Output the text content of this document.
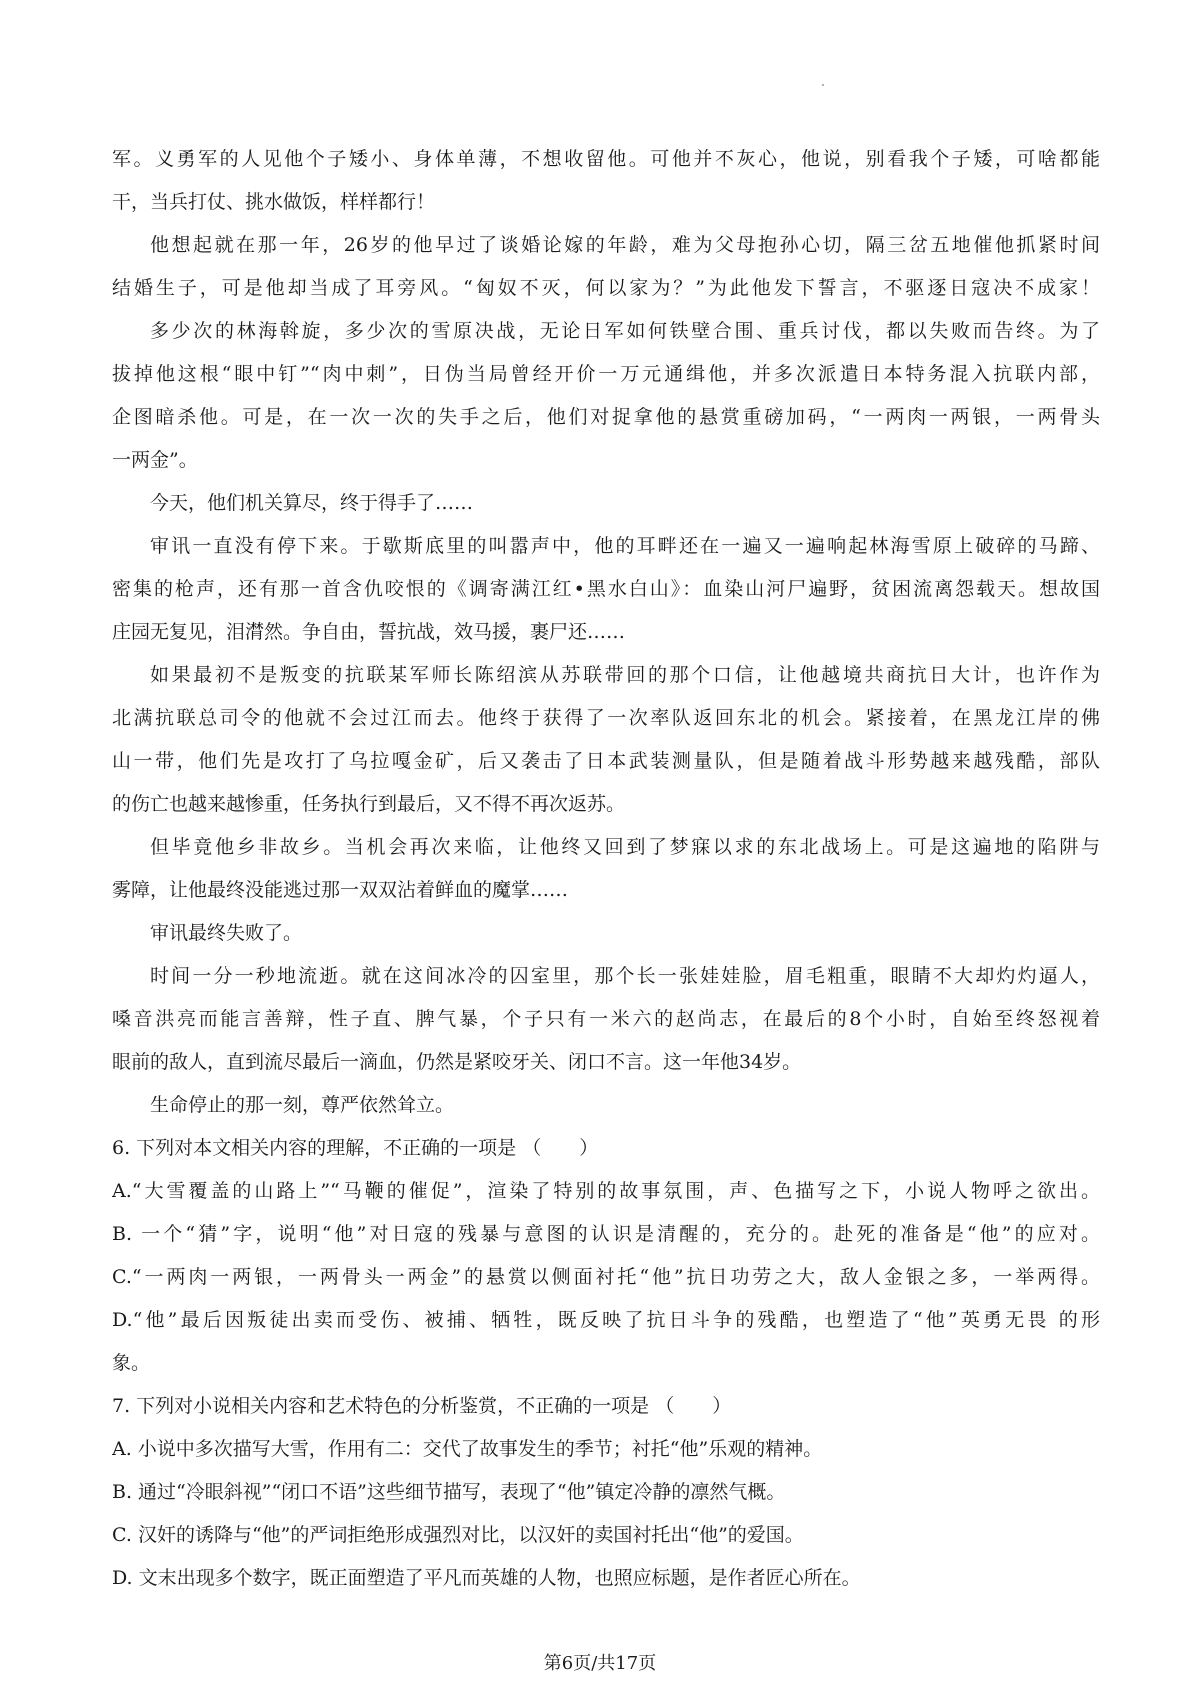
军。义勇军的人见他个子矮小、身体单薄，不想收留他。可他并不灰心，他说，别看我个子矮，可啥都能
干，当兵打仗、挑水做饭，样样都行！
他想起就在那一年，26岁的他早过了谈婚论嫁的年龄，难为父母抱孙心切，隔三岔五地催他抓紧时间
结婚生子，可是他却当成了耳旁风。“匈奴不灭，何以家为？”为此他发下誓言，不驱逐日寇决不成家！
多少次的林海斡旋，多少次的雪原决战，无论日军如何铁壁合围、重兵讨伐，都以失败而告终。为了
拔掉他这根“眼中钉”“肉中刺”，日伪当局曾经开价一万元通缉他，并多次派遣日本特务混入抗联内部，
企图暗杀他。可是，在一次一次的失手之后，他们对捉拿他的悬赏重磅加码，“一两肉一两银，一两骨头
一两金”。
今天，他们机关算尽，终于得手了……
审讯一直没有停下来。于歇斯底里的叫嚣声中，他的耳畔还在一遍又一遍响起林海雪原上破碎的马蹄、
密集的枪声，还有那一首含仇咬恨的《调寄满江红•黑水白山》：血染山河尸遍野，贫困流离怨载天。想故国
庄园无复见，泪潸然。争自由，誓抗战，效马援，裹尸还……
如果最初不是叛变的抗联某军师长陈绍滨从苏联带回的那个口信，让他越境共商抗日大计，也许作为
北满抗联总司令的他就不会过江而去。他终于获得了一次率队返回东北的机会。紧接着，在黑龙江岸的佛
山一带，他们先是攻打了乌拉嘎金矿，后又袭击了日本武装测量队，但是随着战斗形势越来越残酷，部队
的伤亡也越来越惨重，任务执行到最后，又不得不再次返苏。
但毕竟他乡非故乡。当机会再次来临，让他终又回到了梦寐以求的东北战场上。可是这遍地的陷阱与
雾障，让他最终没能逃过那一双双沾着鲜血的魔掌……
审讯最终失败了。
时间一分一秒地流逝。就在这间冰冷的囚室里，那个长一张娃娃脸，眉毛粗重，眼睛不大却灼灼逼人，
嗓音洪亮而能言善辩，性子直、脾气暴，个子只有一米六的赵尚志，在最后的8个小时，自始至终怒视着
眼前的敌人，直到流尽最后一滴血，仍然是紧咬牙关、闭口不言。这一年他34岁。
生命停止的那一刻，尊严依然耸立。
6. 下列对本文相关内容的理解，不正确的一项是 （　　）
A.“大雪覆盖的山路上”“马鞭的催促”，渲染了特别的故事氛围，声、色描写之下，小说人物呼之欲出。
B. 一个“猜”字，说明“他”对日寇的残暴与意图的认识是清醒的，充分的。赴死的准备是“他”的应对。
C.“一两肉一两银，一两骨头一两金”的悬赏以侧面衬托“他”抗日功劳之大，敌人金银之多，一举两得。
D.“他”最后因叛徒出卖而受伤、被捕、牺牲，既反映了抗日斗争的残酷，也塑造了“他”英勇无畏 的形
象。
7. 下列对小说相关内容和艺术特色的分析鉴赏，不正确的一项是 （　　）
A. 小说中多次描写大雪，作用有二：交代了故事发生的季节；衬托“他”乐观的精神。
B. 通过“冷眼斜视”“闭口不语”这些细节描写，表现了“他”镇定冷静的凛然气概。
C. 汉奸的诱降与“他”的严词拒绝形成强烈对比，以汉奸的卖国衬托出“他”的爱国。
D. 文末出现多个数字，既正面塑造了平凡而英雄的人物，也照应标题，是作者匠心所在。
第6页/共17页
